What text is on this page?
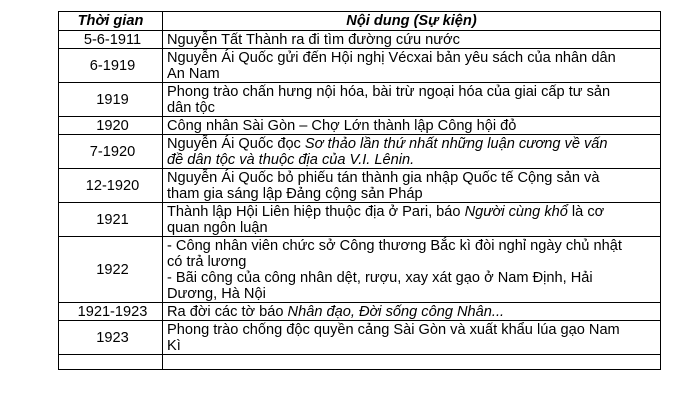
Thời gian	Nội dung (Sự kiện)
5-6-1911	Nguyễn Tất Thành ra đi tìm đường cứu nước

6-1919	Nguyễn Ái Quốc gửi đến Hội nghị Vécxai bản yêu sách của nhân dân
An Nam

1919	Phong trào chấn hưng nội hóa, bài trừ ngoại hóa của giai cấp tư sản
dân tộc

1920	Công nhân Sài Gòn – Chợ Lớn thành lập Công hội đỏ

7-1920	Nguyễn Ái Quốc đọc Sơ thảo lần thứ nhất những luận cương về vấn
đề dân tộc và thuộc địa của V.I. Lênin.

12-1920	Nguyễn Ái Quốc bỏ phiếu tán thành gia nhập Quốc tế Cộng sản và
tham gia sáng lập Đảng cộng sản Pháp

1921	Thành lập Hội Liên hiệp thuộc địa ở Pari, báo Người cùng khổ là cơ
quan ngôn luận

1922	- Công nhân viên chức sở Công thương Bắc kì đòi nghỉ ngày chủ nhật
có trả lương
- Bãi công của công nhân dệt, rượu, xay xát gạo ở Nam Định, Hải
Dương, Hà Nội

1921-1923	Ra đời các tờ báo Nhân đạo, Đời sống công Nhân...

1923	Phong trào chống độc quyền cảng Sài Gòn và xuất khẩu lúa gạo Nam
Kì
